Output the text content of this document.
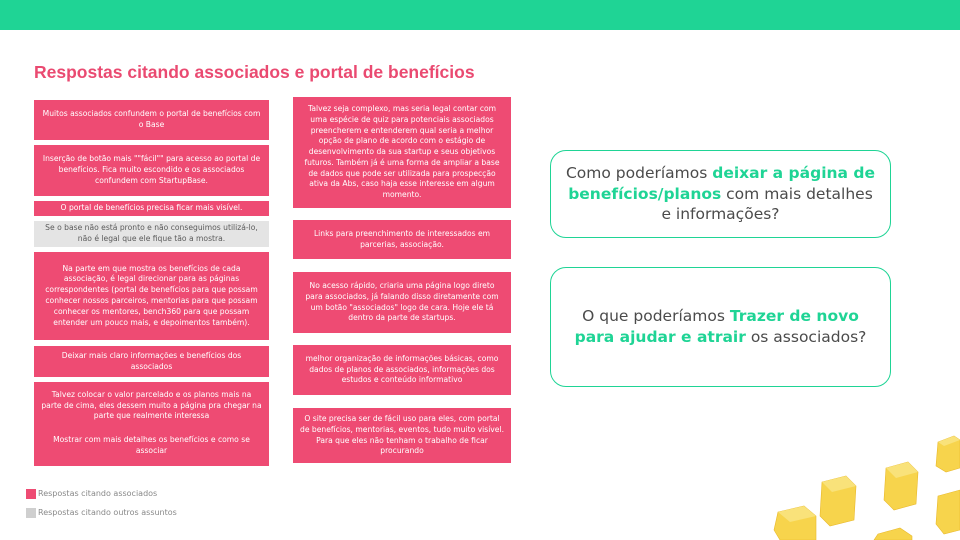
Respostas citando associados e portal de benefícios
Muitos associados confundem o portal de benefícios com o Base
Inserção de botão mais ""fácil"" para acesso ao portal de benefícios. Fica muito escondido e os associados confundem com StartupBase.
O portal de benefícios precisa ficar mais visível.
Se o base não está pronto e não conseguimos utilizá-lo, não é legal que ele fique tão a mostra.
Na parte em que mostra os benefícios de cada associação, é legal direcionar para as páginas correspondentes (portal de benefícios para que possam conhecer nossos parceiros, mentorias para que possam conhecer os mentores, bench360 para que possam entender um pouco mais, e depoimentos também).
Deixar mais claro informações e benefícios dos associados
Talvez colocar o valor parcelado e os planos mais na parte de cima, eles dessem muito a página pra chegar na parte que realmente interessa
Mostrar com mais detalhes os benefícios e como se associar
Talvez seja complexo, mas seria legal contar com uma espécie de quiz para potenciais associados preencherem e entenderem qual seria a melhor opção de plano de acordo com o estágio de desenvolvimento da sua startup e seus objetivos futuros. Também já é uma forma de ampliar a base de dados que pode ser utilizada para prospecção ativa da Abs, caso haja esse interesse em algum momento.
Links para preenchimento de interessados em parcerias, associação.
No acesso rápido, criaria uma página logo direto para associados, já falando disso diretamente com um botão "associados" logo de cara. Hoje ele tá dentro da parte de startups.
melhor organização de informações básicas, como dados de planos de associados, informações dos estudos e conteúdo informativo
O site precisa ser de fácil uso para eles, com portal de benefícios, mentorias, eventos, tudo muito visível. Para que eles não tenham o trabalho de ficar procurando
Como poderíamos deixar a página de benefícios/planos com mais detalhes e informações?
O que poderíamos Trazer de novo para ajudar e atrair os associados?
Respostas citando associados
Respostas citando outros assuntos
